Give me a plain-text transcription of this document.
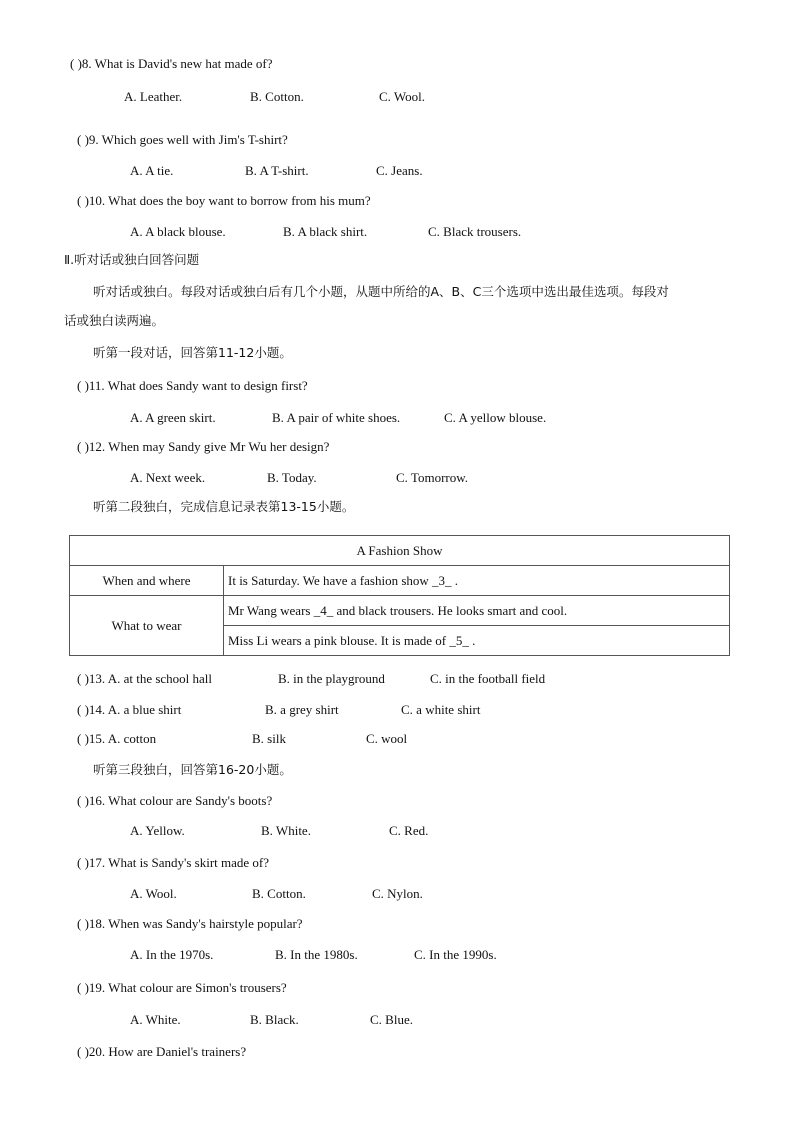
( )8. What is David's new hat made of?
A. Leather.	B. Cotton.	C. Wool.
( )9. Which goes well with Jim's T-shirt?
A. A tie.	B. A T-shirt.	C. Jeans.
( )10. What does the boy want to borrow from his mum?
A. A black blouse.	B. A black shirt.	C. Black trousers.
Ⅱ.听对话或独白回答问题
听对话或独白。每段对话或独白后有几个小题，从题中所给的A、B、C三个选项中选出最佳选项。每段对
话或独白读两遍。
听第一段对话，回答第11-12小题。
( )11. What does Sandy want to design first?
A. A green skirt.	B. A pair of white shoes.	C. A yellow blouse.
( )12. When may Sandy give Mr Wu her design?
A. Next week.	B. Today.	C. Tomorrow.
听第二段独白，完成信息记录表第13-15小题。
A Fashion Show	
When and where	It is Saturday. We have a fashion show _3_ .
What to wear	Mr Wang wears _4_ and black trousers. He looks smart and cool.
	Miss Li wears a pink blouse. It is made of _5_ .
( )13. A. at the school hall	B. in the playground	C. in the football field
( )14. A. a blue shirt	B. a grey shirt	C. a white shirt
( )15. A. cotton	B. silk	C. wool
听第三段独白，回答第16-20小题。
( )16. What colour are Sandy's boots?
A. Yellow.	B. White.	C. Red.
( )17. What is Sandy's skirt made of?
A. Wool.	B. Cotton.	C. Nylon.
( )18. When was Sandy's hairstyle popular?
A. In the 1970s.	B. In the 1980s.	C. In the 1990s.
( )19. What colour are Simon's trousers?
A. White.	B. Black.	C. Blue.
( )20. How are Daniel's trainers?
